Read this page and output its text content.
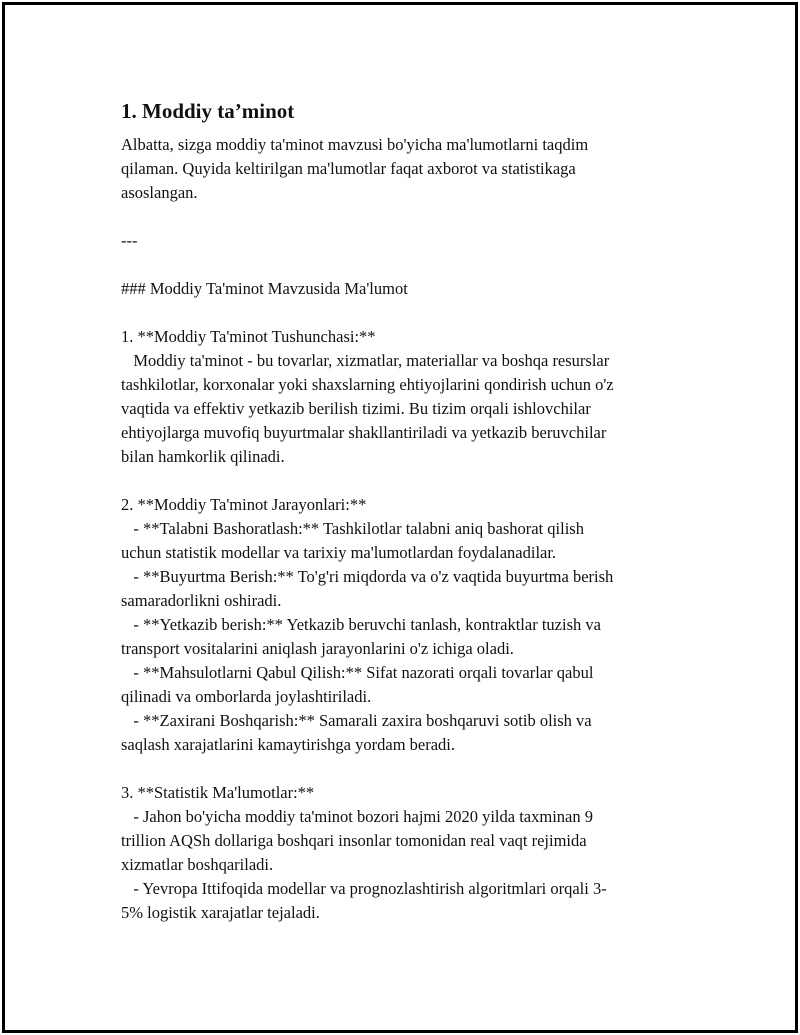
1. Moddiy ta’minot

Albatta, sizga moddiy ta'minot mavzusi bo'yicha ma'lumotlarni taqdim

qilaman. Quyida keltirilgan ma'lumotlar faqat axborot va statistikaga

asoslangan.

---

### Moddiy Ta'minot Mavzusida Ma'lumot

1. **Moddiy Ta'minot Tushunchasi:**

Moddiy ta'minot - bu tovarlar, xizmatlar, materiallar va boshqa resurslar

tashkilotlar, korxonalar yoki shaxslarning ehtiyojlarini qondirish uchun o'z

vaqtida va effektiv yetkazib berilish tizimi. Bu tizim orqali ishlovchilar

ehtiyojlarga muvofiq buyurtmalar shakllantiriladi va yetkazib beruvchilar

bilan hamkorlik qilinadi.

2. **Moddiy Ta'minot Jarayonlari:**

- **Talabni Bashoratlash:** Tashkilotlar talabni aniq bashorat qilish

uchun statistik modellar va tarixiy ma'lumotlardan foydalanadilar.

- **Buyurtma Berish:** To'g'ri miqdorda va o'z vaqtida buyurtma berish

samaradorlikni oshiradi.

- **Yetkazib berish:** Yetkazib beruvchi tanlash, kontraktlar tuzish va

transport vositalarini aniqlash jarayonlarini o'z ichiga oladi.

- **Mahsulotlarni Qabul Qilish:** Sifat nazorati orqali tovarlar qabul

qilinadi va omborlarda joylashtiriladi.

- **Zaxirani Boshqarish:** Samarali zaxira boshqaruvi sotib olish va

saqlash xarajatlarini kamaytirishga yordam beradi.

3. **Statistik Ma'lumotlar:**

- Jahon bo'yicha moddiy ta'minot bozori hajmi 2020 yilda taxminan 9

trillion AQSh dollariga boshqari insonlar tomonidan real vaqt rejimida

xizmatlar boshqariladi.

- Yevropa Ittifoqida modellar va prognozlashtirish algoritmlari orqali 3-

5% logistik xarajatlar tejaladi.
